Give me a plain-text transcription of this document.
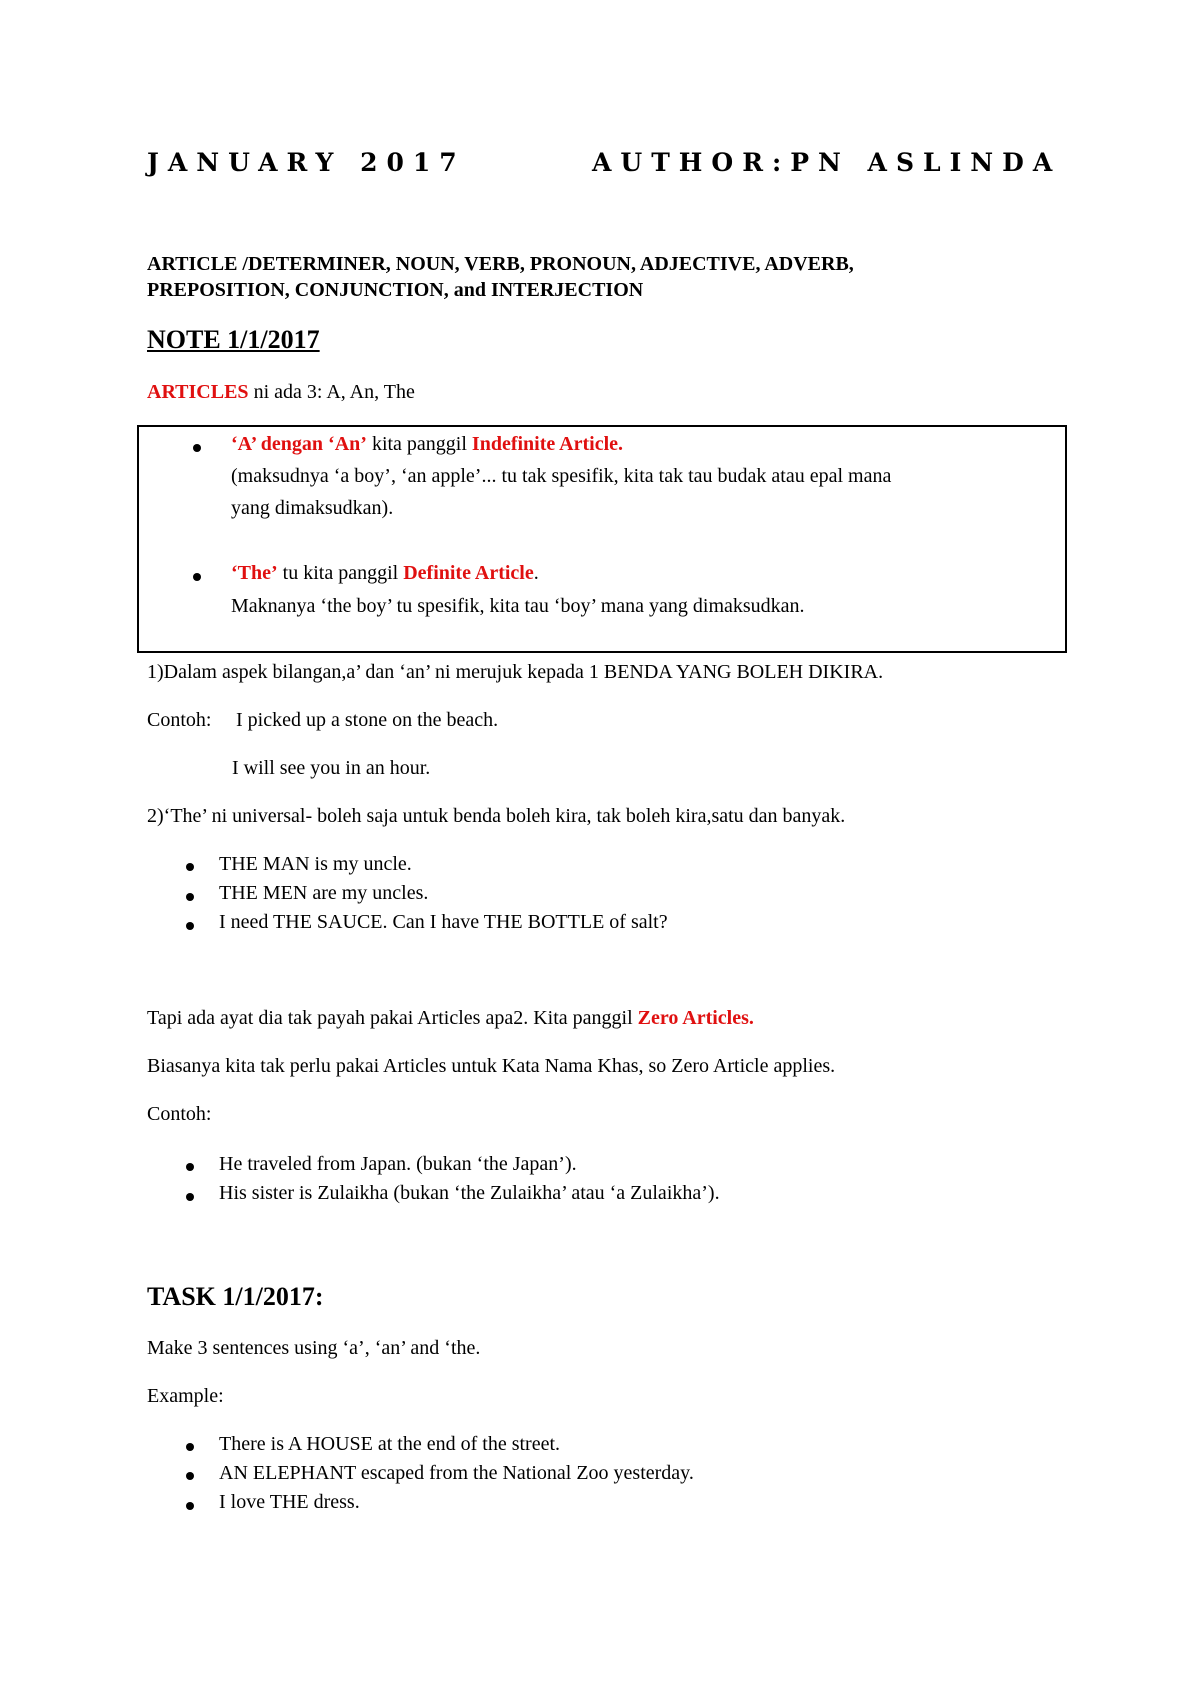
JANUARY 2017	AUTHOR:PN ASLINDA
ARTICLE /DETERMINER, NOUN, VERB, PRONOUN, ADJECTIVE, ADVERB,
PREPOSITION, CONJUNCTION, and INTERJECTION
NOTE 1/1/2017
ARTICLES ni ada 3: A, An, The
‘A’ dengan ‘An’ kita panggil Indefinite Article.
(maksudnya ‘a boy’, ‘an apple’... tu tak spesifik, kita tak tau budak atau epal mana
yang dimaksudkan).
‘The’ tu kita panggil Definite Article.
Maknanya ‘the boy’ tu spesifik, kita tau ‘boy’ mana yang dimaksudkan.
1)Dalam aspek bilangan,a’ dan ‘an’ ni merujuk kepada 1 BENDA YANG BOLEH DIKIRA.
Contoh: I picked up a stone on the beach.
I will see you in an hour.
2)‘The’ ni universal- boleh saja untuk benda boleh kira, tak boleh kira,satu dan banyak.
THE MAN is my uncle.
THE MEN are my uncles.
I need THE SAUCE. Can I have THE BOTTLE of salt?
Tapi ada ayat dia tak payah pakai Articles apa2. Kita panggil Zero Articles.
Biasanya kita tak perlu pakai Articles untuk Kata Nama Khas, so Zero Article applies.
Contoh:
He traveled from Japan. (bukan ‘the Japan’).
His sister is Zulaikha (bukan ‘the Zulaikha’ atau ‘a Zulaikha’).
TASK 1/1/2017:
Make 3 sentences using ‘a’, ‘an’ and ‘the.
Example:
There is A HOUSE at the end of the street.
AN ELEPHANT escaped from the National Zoo yesterday.
I love THE dress.
